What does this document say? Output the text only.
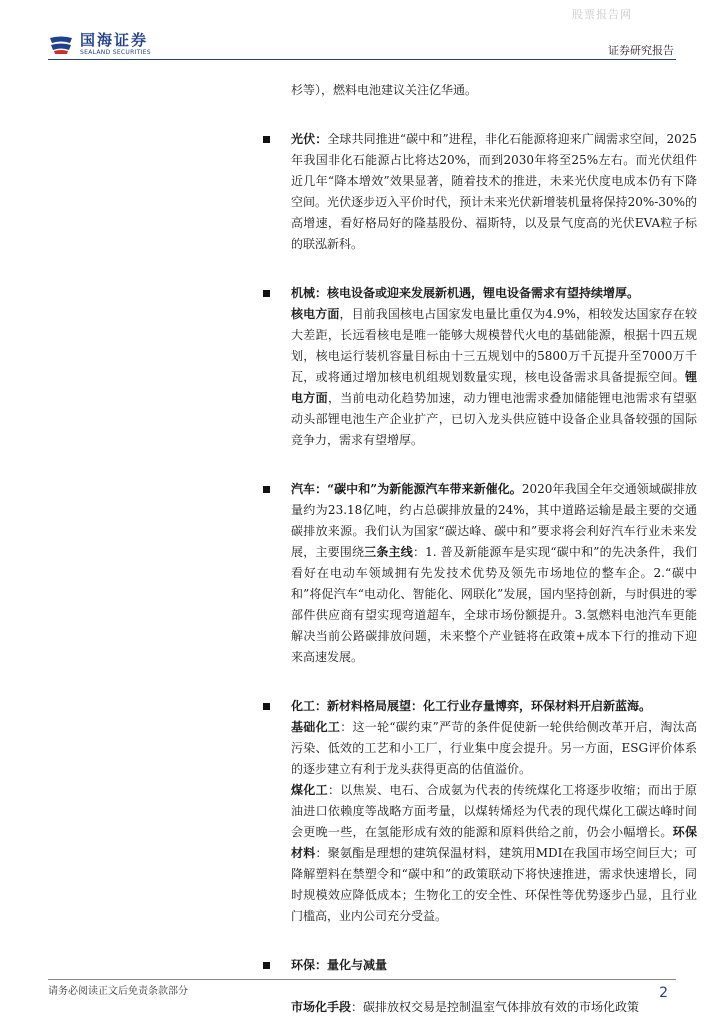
股票报告网
国海证券
SEALAND SECURITIES	证券研究报告

杉等），燃料电池建议关注亿华通。

光伏：全球共同推进“碳中和”进程，非化石能源将迎来广阔需求空间，2025年我国非化石能源占比将达20%，而到2030年将至25%左右。而光伏组件近几年“降本增效”效果显著，随着技术的推进，未来光伏度电成本仍有下降空间。光伏逐步迈入平价时代，预计未来光伏新增装机量将保持20%-30%的高增速，看好格局好的隆基股份、福斯特，以及景气度高的光伏EVA粒子标的联泓新科。

机械：核电设备或迎来发展新机遇，锂电设备需求有望持续增厚。

核电方面，目前我国核电占国家发电量比重仅为4.9%，相较发达国家存在较大差距，长远看核电是唯一能够大规模替代火电的基础能源，根据十四五规划，核电运行装机容量目标由十三五规划中的5800万千瓦提升至7000万千瓦，或将通过增加核电机组规划数量实现，核电设备需求具备提振空间。锂电方面，当前电动化趋势加速，动力锂电池需求叠加储能锂电池需求有望驱动头部锂电池生产企业扩产，已切入龙头供应链中设备企业具备较强的国际竞争力，需求有望增厚。

汽车：“碳中和”为新能源汽车带来新催化。2020年我国全年交通领域碳排放量约为23.18亿吨，约占总碳排放量的24%，其中道路运输是最主要的交通碳排放来源。我们认为国家“碳达峰、碳中和”要求将会利好汽车行业未来发展，主要围绕三条主线：1. 普及新能源车是实现“碳中和”的先决条件，我们看好在电动车领域拥有先发技术优势及领先市场地位的整车企。2.“碳中和”将促汽车“电动化、智能化、网联化”发展，国内坚持创新，与时俱进的零部件供应商有望实现弯道超车，全球市场份额提升。3.氢燃料电池汽车更能解决当前公路碳排放问题，未来整个产业链将在政策+成本下行的推动下迎来高速发展。

化工：新材料格局展望：化工行业存量博弈，环保材料开启新蓝海。

基础化工：这一轮“碳约束”严苛的条件促使新一轮供给侧改革开启，淘汰高污染、低效的工艺和小工厂，行业集中度会提升。另一方面，ESG评价体系的逐步建立有利于龙头获得更高的估值溢价。

煤化工：以焦炭、电石、合成氨为代表的传统煤化工将逐步收缩；而出于原油进口依赖度等战略方面考量，以煤转烯烃为代表的现代煤化工碳达峰时间会更晚一些，在氢能形成有效的能源和原料供给之前，仍会小幅增长。环保材料：聚氨酯是理想的建筑保温材料，建筑用MDI在我国市场空间巨大；可降解塑料在禁塑令和“碳中和”的政策联动下将快速推进，需求快速增长，同时规模效应降低成本；生物化工的安全性、环保性等优势逐步凸显，且行业门槛高，业内公司充分受益。

环保：量化与减量

市场化手段：碳排放权交易是控制温室气体排放有效的市场化政策

请务必阅读正文后免责条款部分	2
